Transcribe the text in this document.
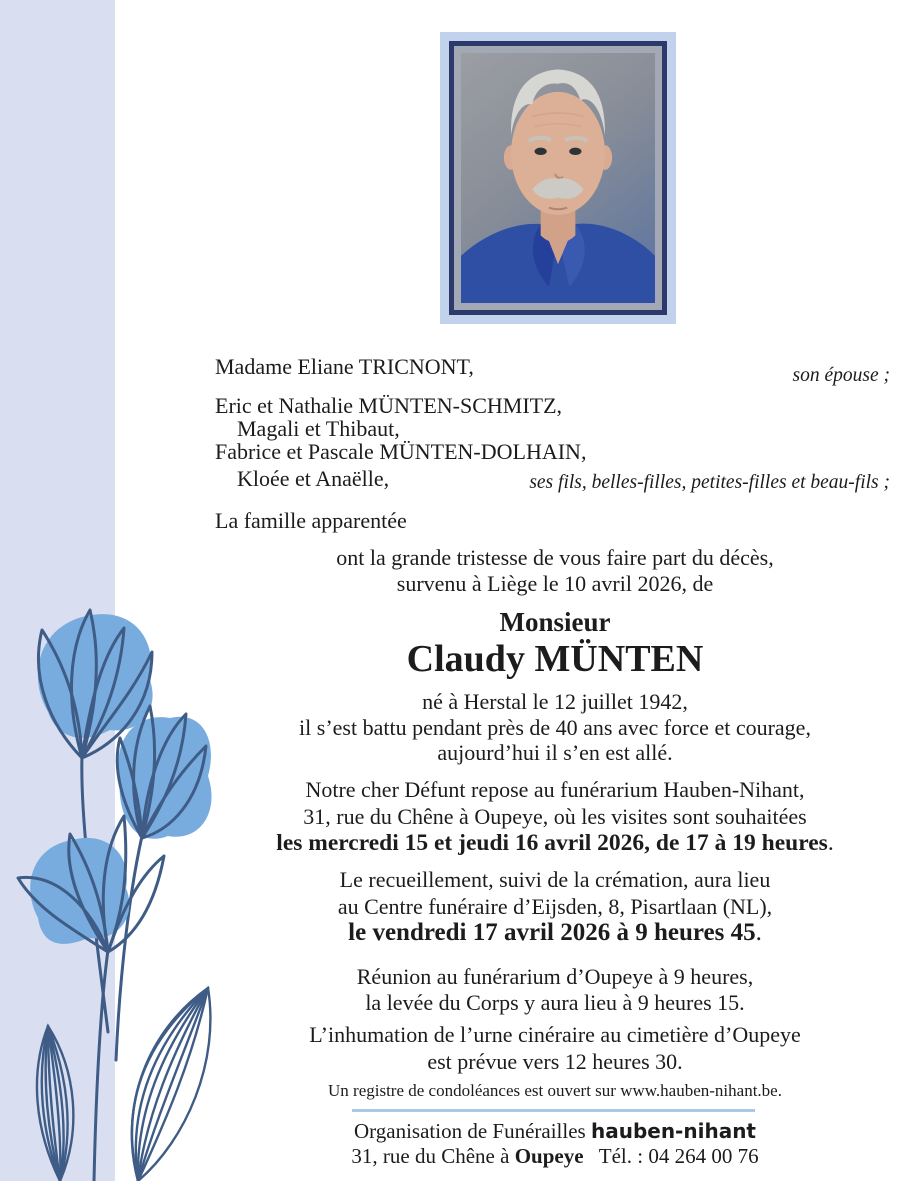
Madame Eliane TRICNONT,	son épouse ;
Eric et Nathalie MÜNTEN-SCHMITZ,
Magali et Thibaut,
Fabrice et Pascale MÜNTEN-DOLHAIN,
Kloée et Anaëlle,	ses fils, belles-filles, petites-filles et beau-fils ;
La famille apparentée
ont la grande tristesse de vous faire part du décès,
survenu à Liège le 10 avril 2026, de
Monsieur
Claudy MÜNTEN
né à Herstal le 12 juillet 1942,
il s’est battu pendant près de 40 ans avec force et courage,
aujourd’hui il s’en est allé.
Notre cher Défunt repose au funérarium Hauben-Nihant,
31, rue du Chêne à Oupeye, où les visites sont souhaitées
les mercredi 15 et jeudi 16 avril 2026, de 17 à 19 heures.
Le recueillement, suivi de la crémation, aura lieu
au Centre funéraire d’Eijsden, 8, Pisartlaan (NL),
le vendredi 17 avril 2026 à 9 heures 45.
Réunion au funérarium d’Oupeye à 9 heures,
la levée du Corps y aura lieu à 9 heures 15.
L’inhumation de l’urne cinéraire au cimetière d’Oupeye
est prévue vers 12 heures 30.
Un registre de condoléances est ouvert sur www.hauben-nihant.be.
Organisation de Funérailles hauben-nihant
31, rue du Chêne à Oupeye Tél. : 04 264 00 76
